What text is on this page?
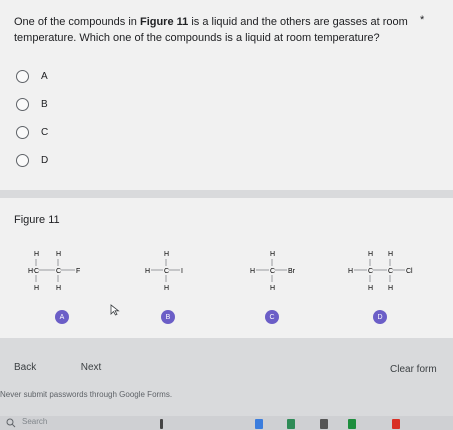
One of the compounds in Figure 11 is a liquid and the others are gasses at room temperature. Which one of the compounds is a liquid at room temperature?
*
A
B
C
D
Figure 11
H
H
H
H
H C C F
H
H
H C I
H
H
H C Br
H
H
H
H
H C C Cl
A	B	C	D
Back	Next	Clear form
Never submit passwords through Google Forms.
Search
